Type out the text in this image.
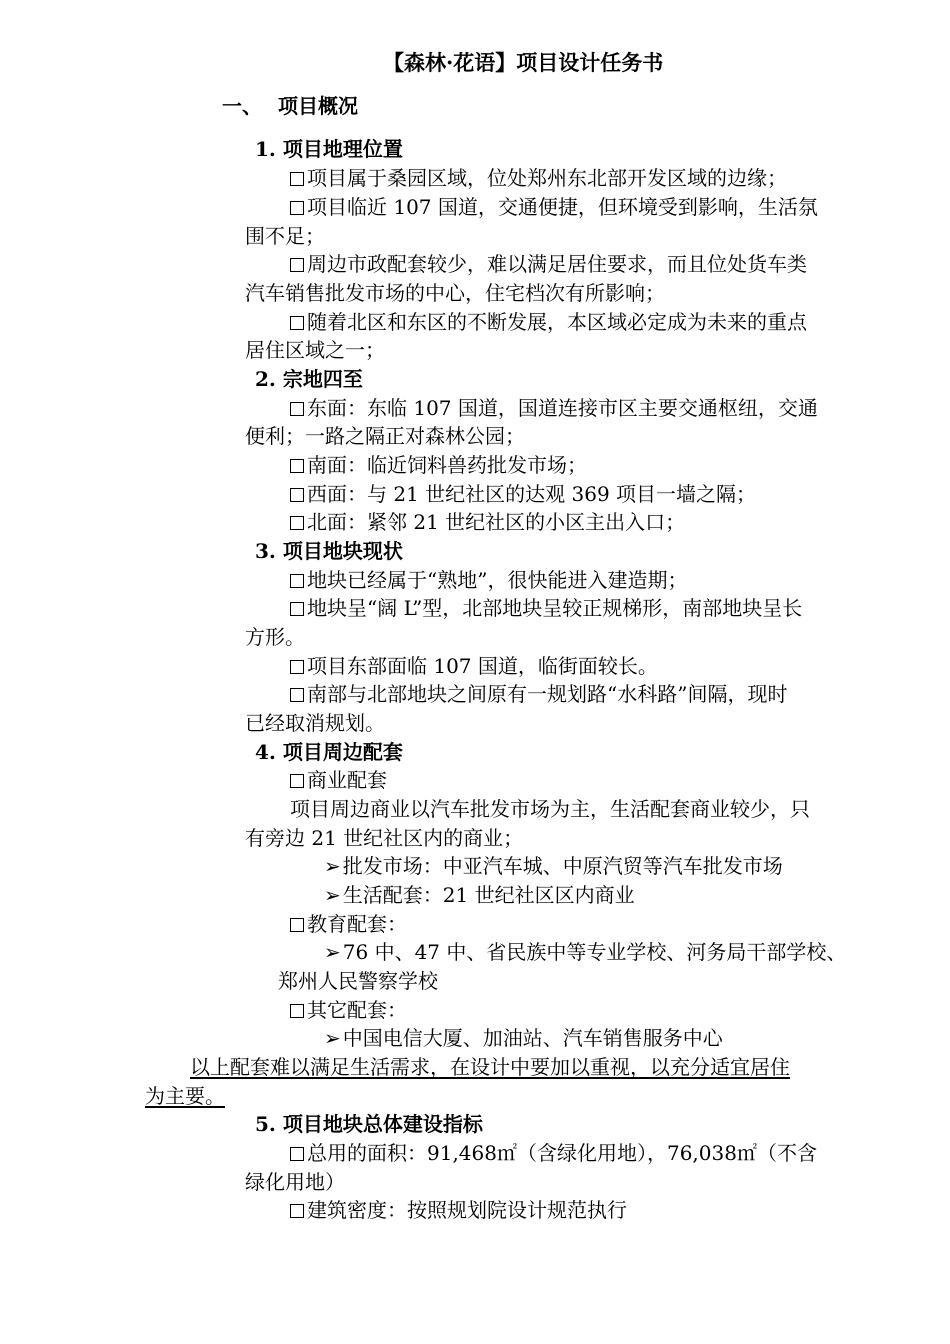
【森林·花语】项目设计任务书
一、 项目概况
1. 项目地理位置
项目属于桑园区域，位处郑州东北部开发区域的边缘；
项目临近 107 国道，交通便捷，但环境受到影响，生活氛
围不足；
周边市政配套较少，难以满足居住要求，而且位处货车类
汽车销售批发市场的中心，住宅档次有所影响；
随着北区和东区的不断发展，本区域必定成为未来的重点
居住区域之一；
2. 宗地四至
东面：东临 107 国道，国道连接市区主要交通枢纽，交通
便利；一路之隔正对森林公园；
南面：临近饲料兽药批发市场；
西面：与 21 世纪社区的达观 369 项目一墙之隔；
北面：紧邻 21 世纪社区的小区主出入口；
3. 项目地块现状
地块已经属于“熟地”，很快能进入建造期；
地块呈“阔 L”型，北部地块呈较正规梯形，南部地块呈长
方形。
项目东部面临 107 国道，临街面较长。
南部与北部地块之间原有一规划路“水科路”间隔，现时
已经取消规划。
4. 项目周边配套
商业配套
项目周边商业以汽车批发市场为主，生活配套商业较少，只
有旁边 21 世纪社区内的商业；
➢ 批发市场：中亚汽车城、中原汽贸等汽车批发市场
➢ 生活配套：21 世纪社区区内商业
教育配套：
➢ 76 中、47 中、省民族中等专业学校、河务局干部学校、
郑州人民警察学校
其它配套：
➢ 中国电信大厦、加油站、汽车销售服务中心
以上配套难以满足生活需求，在设计中要加以重视，以充分适宜居住
为主要。
5. 项目地块总体建设指标
总用的面积：91,468㎡（含绿化用地），76,038㎡（不含
绿化用地）
建筑密度：按照规划院设计规范执行
